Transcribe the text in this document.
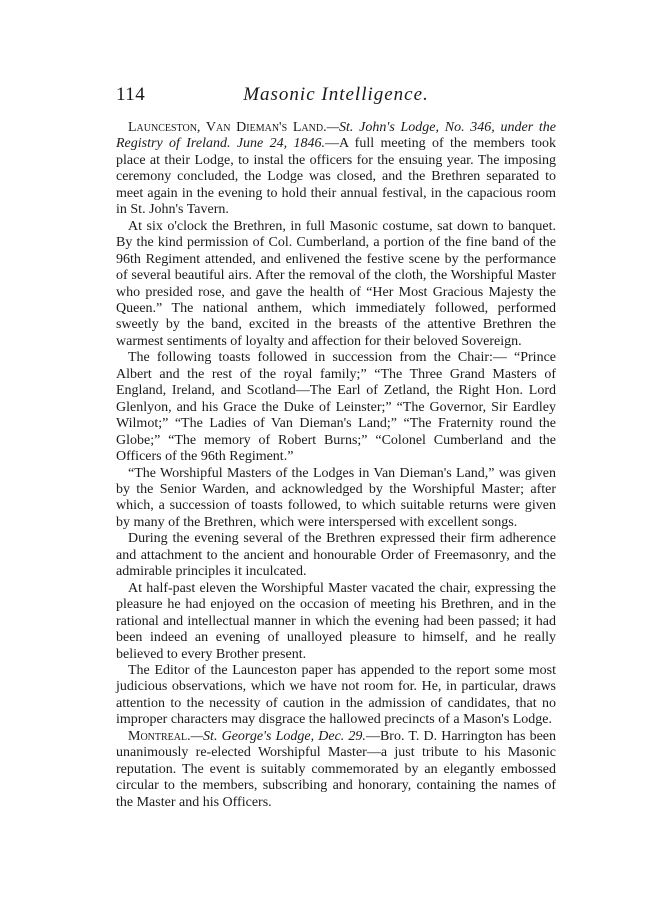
114	Masonic Intelligence.

Launceston, Van Dieman's Land.—St. John's Lodge, No. 346, under the Registry of Ireland. June 24, 1846.—A full meeting of the members took place at their Lodge, to instal the officers for the ensuing year. The imposing ceremony concluded, the Lodge was closed, and the Brethren separated to meet again in the evening to hold their annual festival, in the capacious room in St. John's Tavern.

At six o'clock the Brethren, in full Masonic costume, sat down to banquet. By the kind permission of Col. Cumberland, a portion of the fine band of the 96th Regiment attended, and enlivened the festive scene by the performance of several beautiful airs. After the removal of the cloth, the Worshipful Master who presided rose, and gave the health of “Her Most Gracious Majesty the Queen.” The national anthem, which immediately followed, performed sweetly by the band, excited in the breasts of the attentive Brethren the warmest sentiments of loyalty and affection for their beloved Sovereign.

The following toasts followed in succession from the Chair:— “Prince Albert and the rest of the royal family;” “The Three Grand Masters of England, Ireland, and Scotland—The Earl of Zetland, the Right Hon. Lord Glenlyon, and his Grace the Duke of Leinster;” “The Governor, Sir Eardley Wilmot;” “The Ladies of Van Dieman's Land;” “The Fraternity round the Globe;” “The memory of Robert Burns;” “Colonel Cumberland and the Officers of the 96th Regiment.”

“The Worshipful Masters of the Lodges in Van Dieman's Land,” was given by the Senior Warden, and acknowledged by the Worshipful Master; after which, a succession of toasts followed, to which suitable returns were given by many of the Brethren, which were interspersed with excellent songs.

During the evening several of the Brethren expressed their firm adherence and attachment to the ancient and honourable Order of Freemasonry, and the admirable principles it inculcated.

At half-past eleven the Worshipful Master vacated the chair, expressing the pleasure he had enjoyed on the occasion of meeting his Brethren, and in the rational and intellectual manner in which the evening had been passed; it had been indeed an evening of unalloyed pleasure to himself, and he really believed to every Brother present.

The Editor of the Launceston paper has appended to the report some most judicious observations, which we have not room for. He, in particular, draws attention to the necessity of caution in the admission of candidates, that no improper characters may disgrace the hallowed precincts of a Mason's Lodge.

Montreal.—St. George's Lodge, Dec. 29.—Bro. T. D. Harrington has been unanimously re-elected Worshipful Master—a just tribute to his Masonic reputation. The event is suitably commemorated by an elegantly embossed circular to the members, subscribing and honorary, containing the names of the Master and his Officers.
